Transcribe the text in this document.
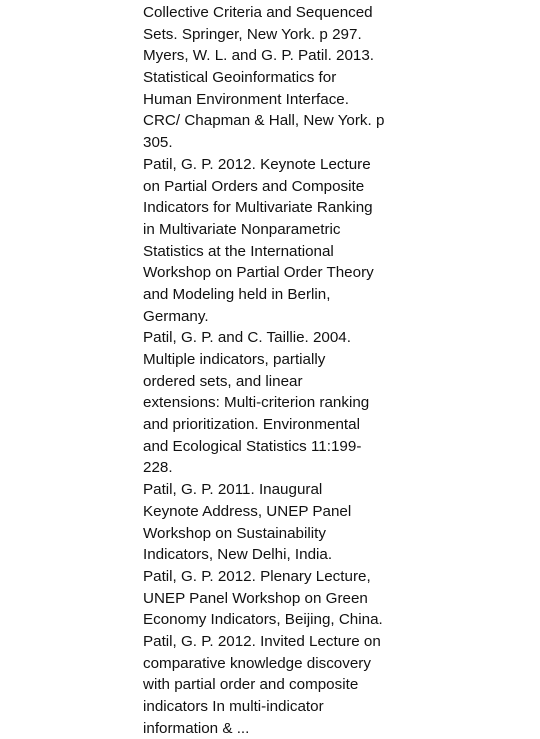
Collective Criteria and Sequenced
Sets. Springer, New York. p 297.
Myers, W. L. and G. P. Patil. 2013.
Statistical Geoinformatics for
Human Environment Interface.
CRC/ Chapman & Hall, New York. p
305.
Patil, G. P. 2012. Keynote Lecture
on Partial Orders and Composite
Indicators for Multivariate Ranking
in Multivariate Nonparametric
Statistics at the International
Workshop on Partial Order Theory
and Modeling held in Berlin,
Germany.
Patil, G. P. and C. Taillie. 2004.
Multiple indicators, partially
ordered sets, and linear
extensions: Multi-criterion ranking
and prioritization. Environmental
and Ecological Statistics 11:199-
228.
Patil, G. P. 2011. Inaugural
Keynote Address, UNEP Panel
Workshop on Sustainability
Indicators, New Delhi, India.
Patil, G. P. 2012. Plenary Lecture,
UNEP Panel Workshop on Green
Economy Indicators, Beijing, China.
Patil, G. P. 2012. Invited Lecture on
comparative knowledge discovery
with partial order and composite
indicators In multi-indicator
information & ...
